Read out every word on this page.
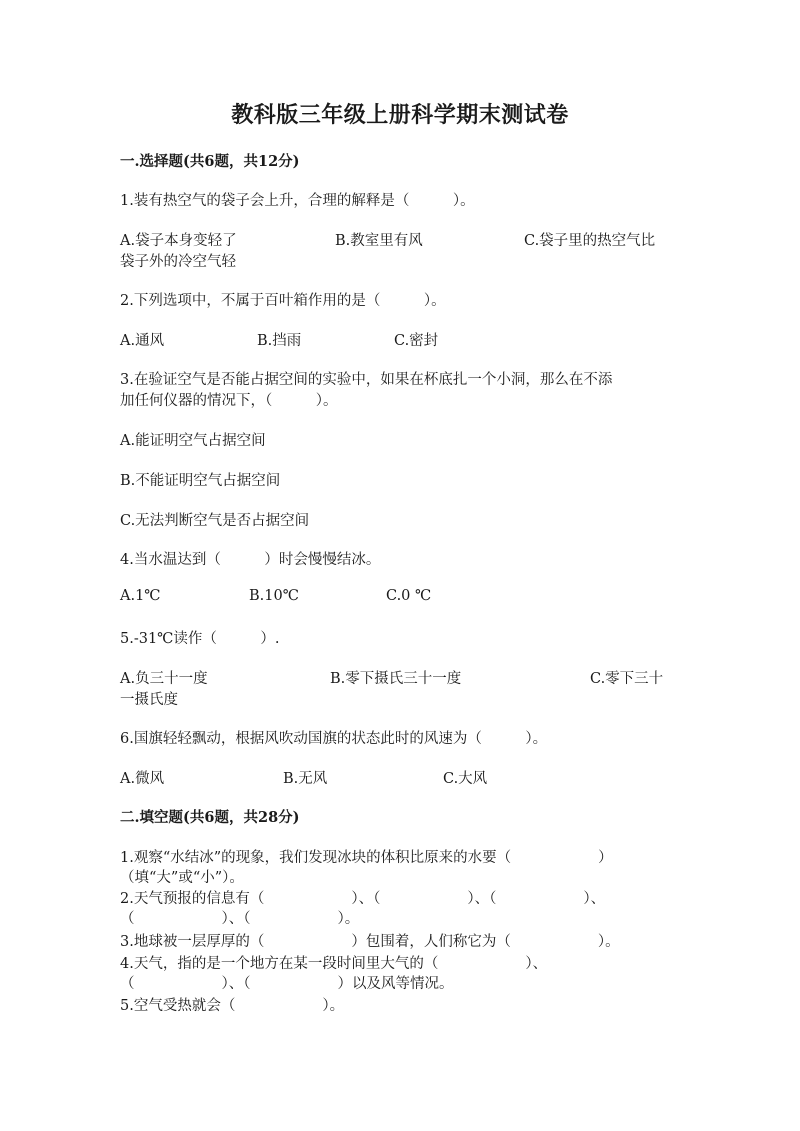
教科版三年级上册科学期末测试卷
一.选择题(共6题，共12分)
1.装有热空气的袋子会上升，合理的解释是（　　　）。
A.袋子本身变轻了	B.教室里有风	C.袋子里的热空气比
袋子外的冷空气轻
2.下列选项中，不属于百叶箱作用的是（　　　）。
A.通风	B.挡雨	C.密封
3.在验证空气是否能占据空间的实验中，如果在杯底扎一个小洞，那么在不添
加任何仪器的情况下，（　　　）。
A.能证明空气占据空间
B.不能证明空气占据空间
C.无法判断空气是否占据空间
4.当水温达到（　　　）时会慢慢结冰。
A.1℃	B.10℃	C.0 ℃
5.-31℃读作（　　　）.
A.负三十一度	B.零下摄氏三十一度	C.零下三十
一摄氏度
6.国旗轻轻飘动，根据风吹动国旗的状态此时的风速为（　　　）。
A.微风	B.无风	C.大风
二.填空题(共6题，共28分)
1.观察“水结冰”的现象，我们发现冰块的体积比原来的水要（　　　　　　）
（填“大”或“小”）。
2.天气预报的信息有（　　　　　　）、（　　　　　　）、（　　　　　　）、
（　　　　　　）、（　　　　　　）。
3.地球被一层厚厚的（　　　　　　）包围着，人们称它为（　　　　　　）。
4.天气，指的是一个地方在某一段时间里大气的（　　　　　　）、
（　　　　　　）、（　　　　　　）以及风等情况。
5.空气受热就会（　　　　　　）。
